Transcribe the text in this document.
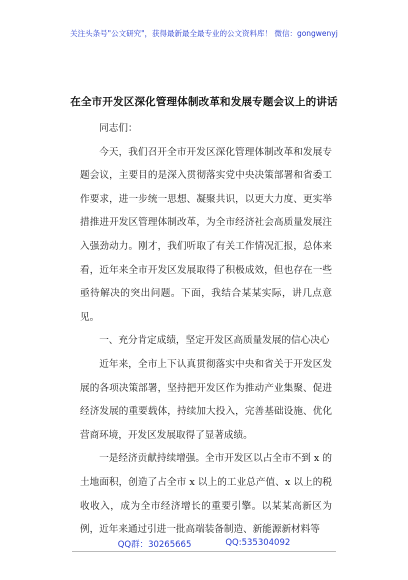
关注头条号"公文研究"，获得最新最全最专业的公文资料库！ 微信：gongwenyj
在全市开发区深化管理体制改革和发展专题会议上的讲话

同志们：

今天，我们召开全市开发区深化管理体制改革和发展专题会议，主要目的是深入贯彻落实党中央决策部署和省委工作要求，进一步统一思想、凝聚共识，以更大力度、更实举措推进开发区管理体制改革，为全市经济社会高质量发展注入强劲动力。刚才，我们听取了有关工作情况汇报，总体来看，近年来全市开发区发展取得了积极成效，但也存在一些亟待解决的突出问题。下面，我结合某某实际，讲几点意见。

一、充分肯定成绩，坚定开发区高质量发展的信心决心

近年来，全市上下认真贯彻落实中央和省关于开发区发展的各项决策部署，坚持把开发区作为推动产业集聚、促进经济发展的重要载体，持续加大投入，完善基础设施、优化营商环境，开发区发展取得了显著成绩。

一是经济贡献持续增强。全市开发区以占全市不到 x 的土地面积，创造了占全市 x 以上的工业总产值、x 以上的税收收入，成为全市经济增长的重要引擎。以某某高新区为例，近年来通过引进一批高端装备制造、新能源新材料等

QQ群：30265665	QQ:535304092
